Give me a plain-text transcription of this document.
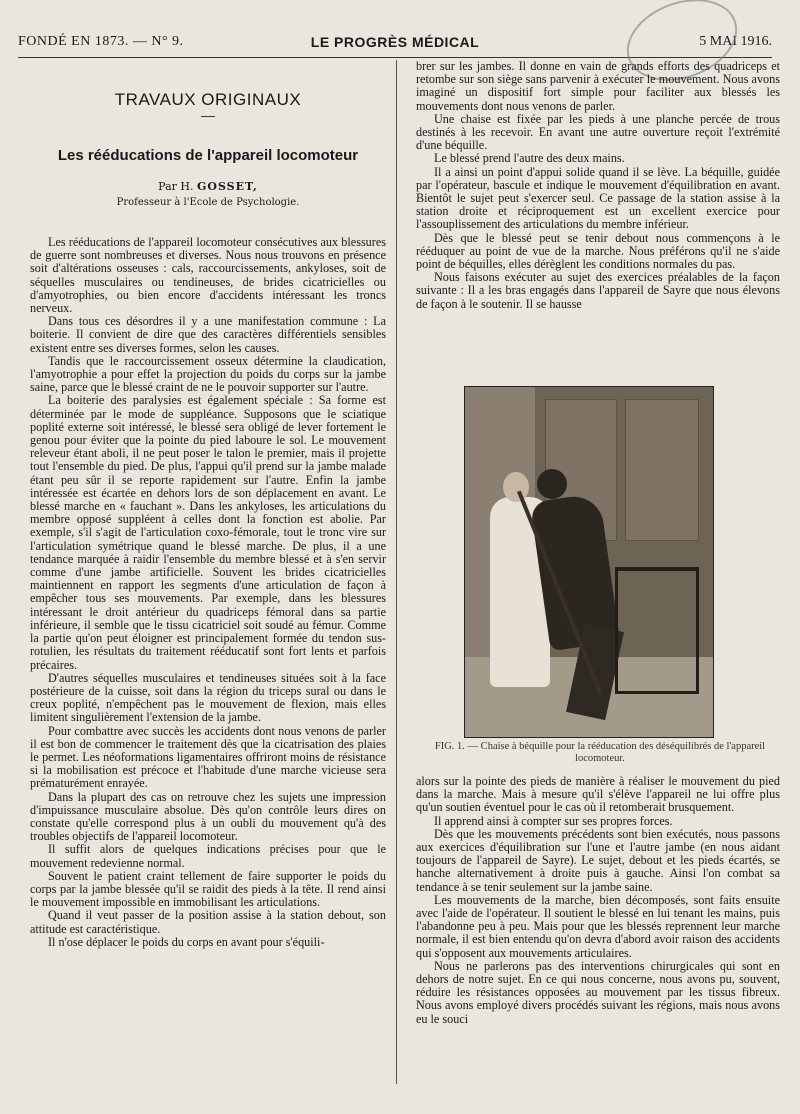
FONDÉ EN 1873. — N° 9.	LE PROGRÈS MÉDICAL	5 MAI 1916.
TRAVAUX ORIGINAUX
Les rééducations de l'appareil locomoteur
Par H. GOSSET,
Professeur à l'Ecole de Psychologie.

Les rééducations de l'appareil locomoteur consécutives aux blessures de guerre sont nombreuses et diverses. Nous nous trouvons en présence soit d'altérations osseuses : cals, raccourcissements, ankyloses, soit de séquelles musculaires ou tendineuses, de brides cicatricielles ou d'amyotrophies, ou bien encore d'accidents intéressant les troncs nerveux.

Dans tous ces désordres il y a une manifestation commune : La boiterie. Il convient de dire que des caractères différentiels sensibles existent entre ses diverses formes, selon les causes.

Tandis que le raccourcissement osseux détermine la claudication, l'amyotrophie a pour effet la projection du poids du corps sur la jambe saine, parce que le blessé craint de ne le pouvoir supporter sur l'autre.

La boiterie des paralysies est également spéciale : Sa forme est déterminée par le mode de suppléance. Supposons que le sciatique poplité externe soit intéressé, le blessé sera obligé de lever fortement le genou pour éviter que la pointe du pied laboure le sol. Le mouvement releveur étant aboli, il ne peut poser le talon le premier, mais il projette tout l'ensemble du pied. De plus, l'appui qu'il prend sur la jambe malade étant peu sûr il se reporte rapidement sur l'autre. Enfin la jambe intéressée est écartée en dehors lors de son déplacement en avant. Le blessé marche en « fauchant ». Dans les ankyloses, les articulations du membre opposé suppléent à celles dont la fonction est abolie. Par exemple, s'il s'agit de l'articulation coxo-fémorale, tout le tronc vire sur l'articulation symétrique quand le blessé marche. De plus, il a une tendance marquée à raidir l'ensemble du membre blessé et à s'en servir comme d'une jambe artificielle. Souvent les brides cicatricielles maintiennent en rapport les segments d'une articulation de façon à empêcher tous ses mouvements. Par exemple, dans les blessures intéressant le droit antérieur du quadriceps fémoral dans sa partie inférieure, il semble que le tissu cicatriciel soit soudé au fémur. Comme la partie qu'on peut éloigner est principalement formée du tendon sus-rotulien, les résultats du traitement rééducatif sont fort lents et parfois précaires.

D'autres séquelles musculaires et tendineuses situées soit à la face postérieure de la cuisse, soit dans la région du triceps sural ou dans le creux poplité, n'empêchent pas le mouvement de flexion, mais elles limitent singulièrement l'extension de la jambe.

Pour combattre avec succès les accidents dont nous venons de parler il est bon de commencer le traitement dès que la cicatrisation des plaies le permet. Les néoformations ligamentaires offriront moins de résistance si la mobilisation est précoce et l'habitude d'une marche vicieuse sera prématurément enrayée.

Dans la plupart des cas on retrouve chez les sujets une impression d'impuissance musculaire absolue. Dès qu'on contrôle leurs dires on constate qu'elle correspond plus à un oubli du mouvement qu'à des troubles objectifs de l'appareil locomoteur.

Il suffit alors de quelques indications précises pour que le mouvement redevienne normal.

Souvent le patient craint tellement de faire supporter le poids du corps par la jambe blessée qu'il se raidit des pieds à la tête. Il rend ainsi le mouvement impossible en immobilisant les articulations.

Quand il veut passer de la position assise à la station debout, son attitude est caractéristique.

Il n'ose déplacer le poids du corps en avant pour s'équili-

brer sur les jambes. Il donne en vain de grands efforts des quadriceps et retombe sur son siège sans parvenir à exécuter le mouvement. Nous avons imaginé un dispositif fort simple pour faciliter aux blessés les mouvements dont nous venons de parler.

Une chaise est fixée par les pieds à une planche percée de trous destinés à les recevoir. En avant une autre ouverture reçoit l'extrémité d'une béquille.

Le blessé prend l'autre des deux mains.

Il a ainsi un point d'appui solide quand il se lève. La béquille, guidée par l'opérateur, bascule et indique le mouvement d'équilibration en avant. Bientôt le sujet peut s'exercer seul. Ce passage de la station assise à la station droite et réciproquement est un excellent exercice pour l'assouplissement des articulations du membre inférieur.

Dès que le blessé peut se tenir debout nous commençons à le rééduquer au point de vue de la marche. Nous préférons qu'il ne s'aide point de béquilles, elles dérèglent les conditions normales du pas.

Nous faisons exécuter au sujet des exercices préalables de la façon suivante : Il a les bras engagés dans l'appareil de Sayre que nous élevons de façon à le soutenir. Il se hausse

FIG. 1. — Chaise à béquille pour la rééducation des déséquilibrés de l'appareil locomoteur.

alors sur la pointe des pieds de manière à réaliser le mouvement du pied dans la marche. Mais à mesure qu'il s'élève l'appareil ne lui offre plus qu'un soutien éventuel pour le cas où il retomberait brusquement.

Il apprend ainsi à compter sur ses propres forces.

Dès que les mouvements précédents sont bien exécutés, nous passons aux exercices d'équilibration sur l'une et l'autre jambe (en nous aidant toujours de l'appareil de Sayre). Le sujet, debout et les pieds écartés, se hanche alternativement à droite puis à gauche. Ainsi l'on combat sa tendance à se tenir seulement sur la jambe saine.

Les mouvements de la marche, bien décomposés, sont faits ensuite avec l'aide de l'opérateur. Il soutient le blessé en lui tenant les mains, puis l'abandonne peu à peu. Mais pour que les blessés reprennent leur marche normale, il est bien entendu qu'on devra d'abord avoir raison des accidents qui s'opposent aux mouvements articulaires.

Nous ne parlerons pas des interventions chirurgicales qui sont en dehors de notre sujet. En ce qui nous concerne, nous avons pu, souvent, réduire les résistances opposées au mouvement par les tissus fibreux. Nous avons employé divers procédés suivant les régions, mais nous avons eu le souci
